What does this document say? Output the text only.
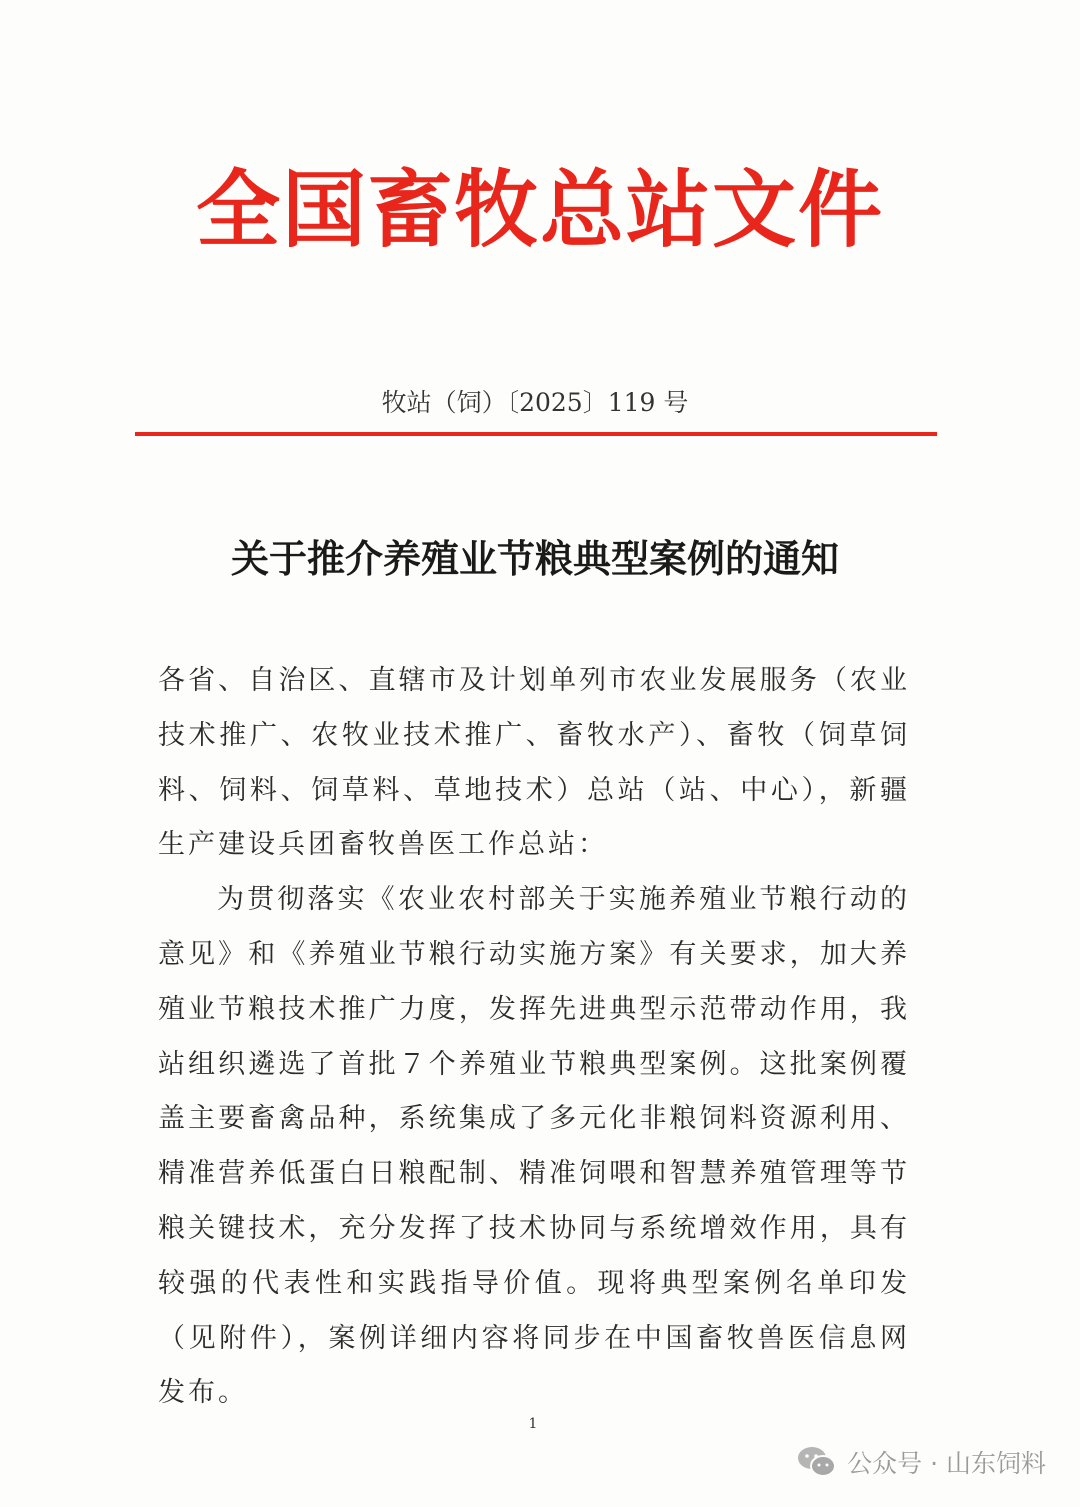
全国畜牧总站文件
牧站（饲）〔2025〕119 号
关于推介养殖业节粮典型案例的通知

各省、自治区、直辖市及计划单列市农业发展服务（农业技术推广、农牧业技术推广、畜牧水产）、畜牧（饲草饲料、饲料、饲草料、草地技术）总站（站、中心），新疆生产建设兵团畜牧兽医工作总站：

为贯彻落实《农业农村部关于实施养殖业节粮行动的意见》和《养殖业节粮行动实施方案》有关要求，加大养殖业节粮技术推广力度，发挥先进典型示范带动作用，我站组织遴选了首批７个养殖业节粮典型案例。这批案例覆盖主要畜禽品种，系统集成了多元化非粮饲料资源利用、精准营养低蛋白日粮配制、精准饲喂和智慧养殖管理等节粮关键技术，充分发挥了技术协同与系统增效作用，具有较强的代表性和实践指导价值。现将典型案例名单印发（见附件），案例详细内容将同步在中国畜牧兽医信息网发布。

1
公众号 · 山东饲料
